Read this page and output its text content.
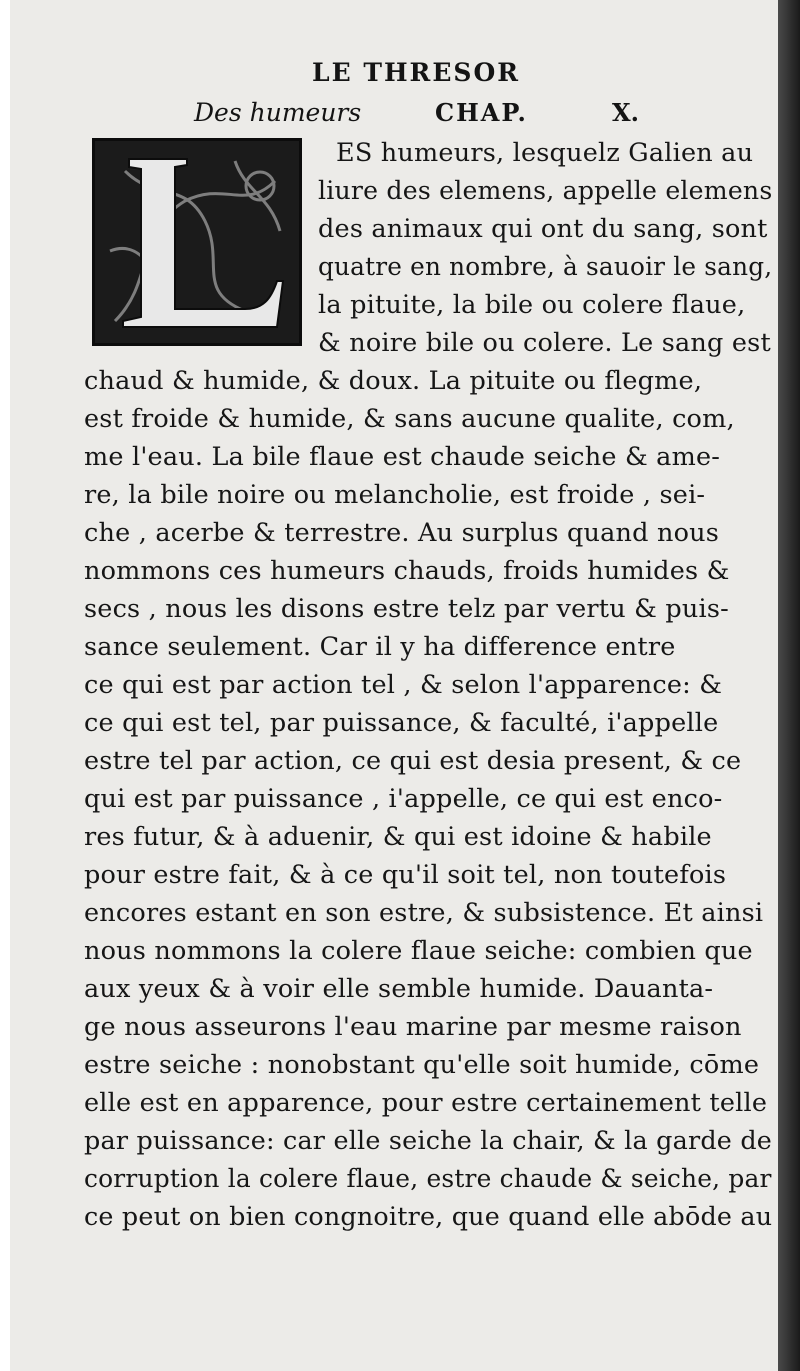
LE THRESOR
Des humeurs	CHAP.	X.
ES humeurs, lesquelz Galien au
liure des elemens, appelle elemens
des animaux qui ont du sang, sont
quatre en nombre, à sauoir le sang,
la pituite, la bile ou colere flaue,
& noire bile ou colere. Le sang est
chaud & humide, & doux. La pituite ou flegme,
est froide & humide, & sans aucune qualite, com,
me l'eau. La bile flaue est chaude seiche & ame-
re, la bile noire ou melancholie, est froide , sei-
che , acerbe & terrestre. Au surplus quand nous
nommons ces humeurs chauds, froids humides &
secs , nous les disons estre telz par vertu & puis-
sance seulement. Car il y ha difference entre
ce qui est par action tel , & selon l'apparence: &
ce qui est tel, par puissance, & faculté, i'appelle
estre tel par action, ce qui est desia present, & ce
qui est par puissance , i'appelle, ce qui est enco-
res futur, & à aduenir, & qui est idoine & habile
pour estre fait, & à ce qu'il soit tel, non toutefois
encores estant en son estre, & subsistence. Et ainsi
nous nommons la colere flaue seiche: combien que
aux yeux & à voir elle semble humide. Dauanta-
ge nous asseurons l'eau marine par mesme raison
estre seiche : nonobstant qu'elle soit humide, cōme
elle est en apparence, pour estre certainement telle
par puissance: car elle seiche la chair, & la garde de
corruption la colere flaue, estre chaude & seiche, par
ce peut on bien congnoitre, que quand elle abōde au
